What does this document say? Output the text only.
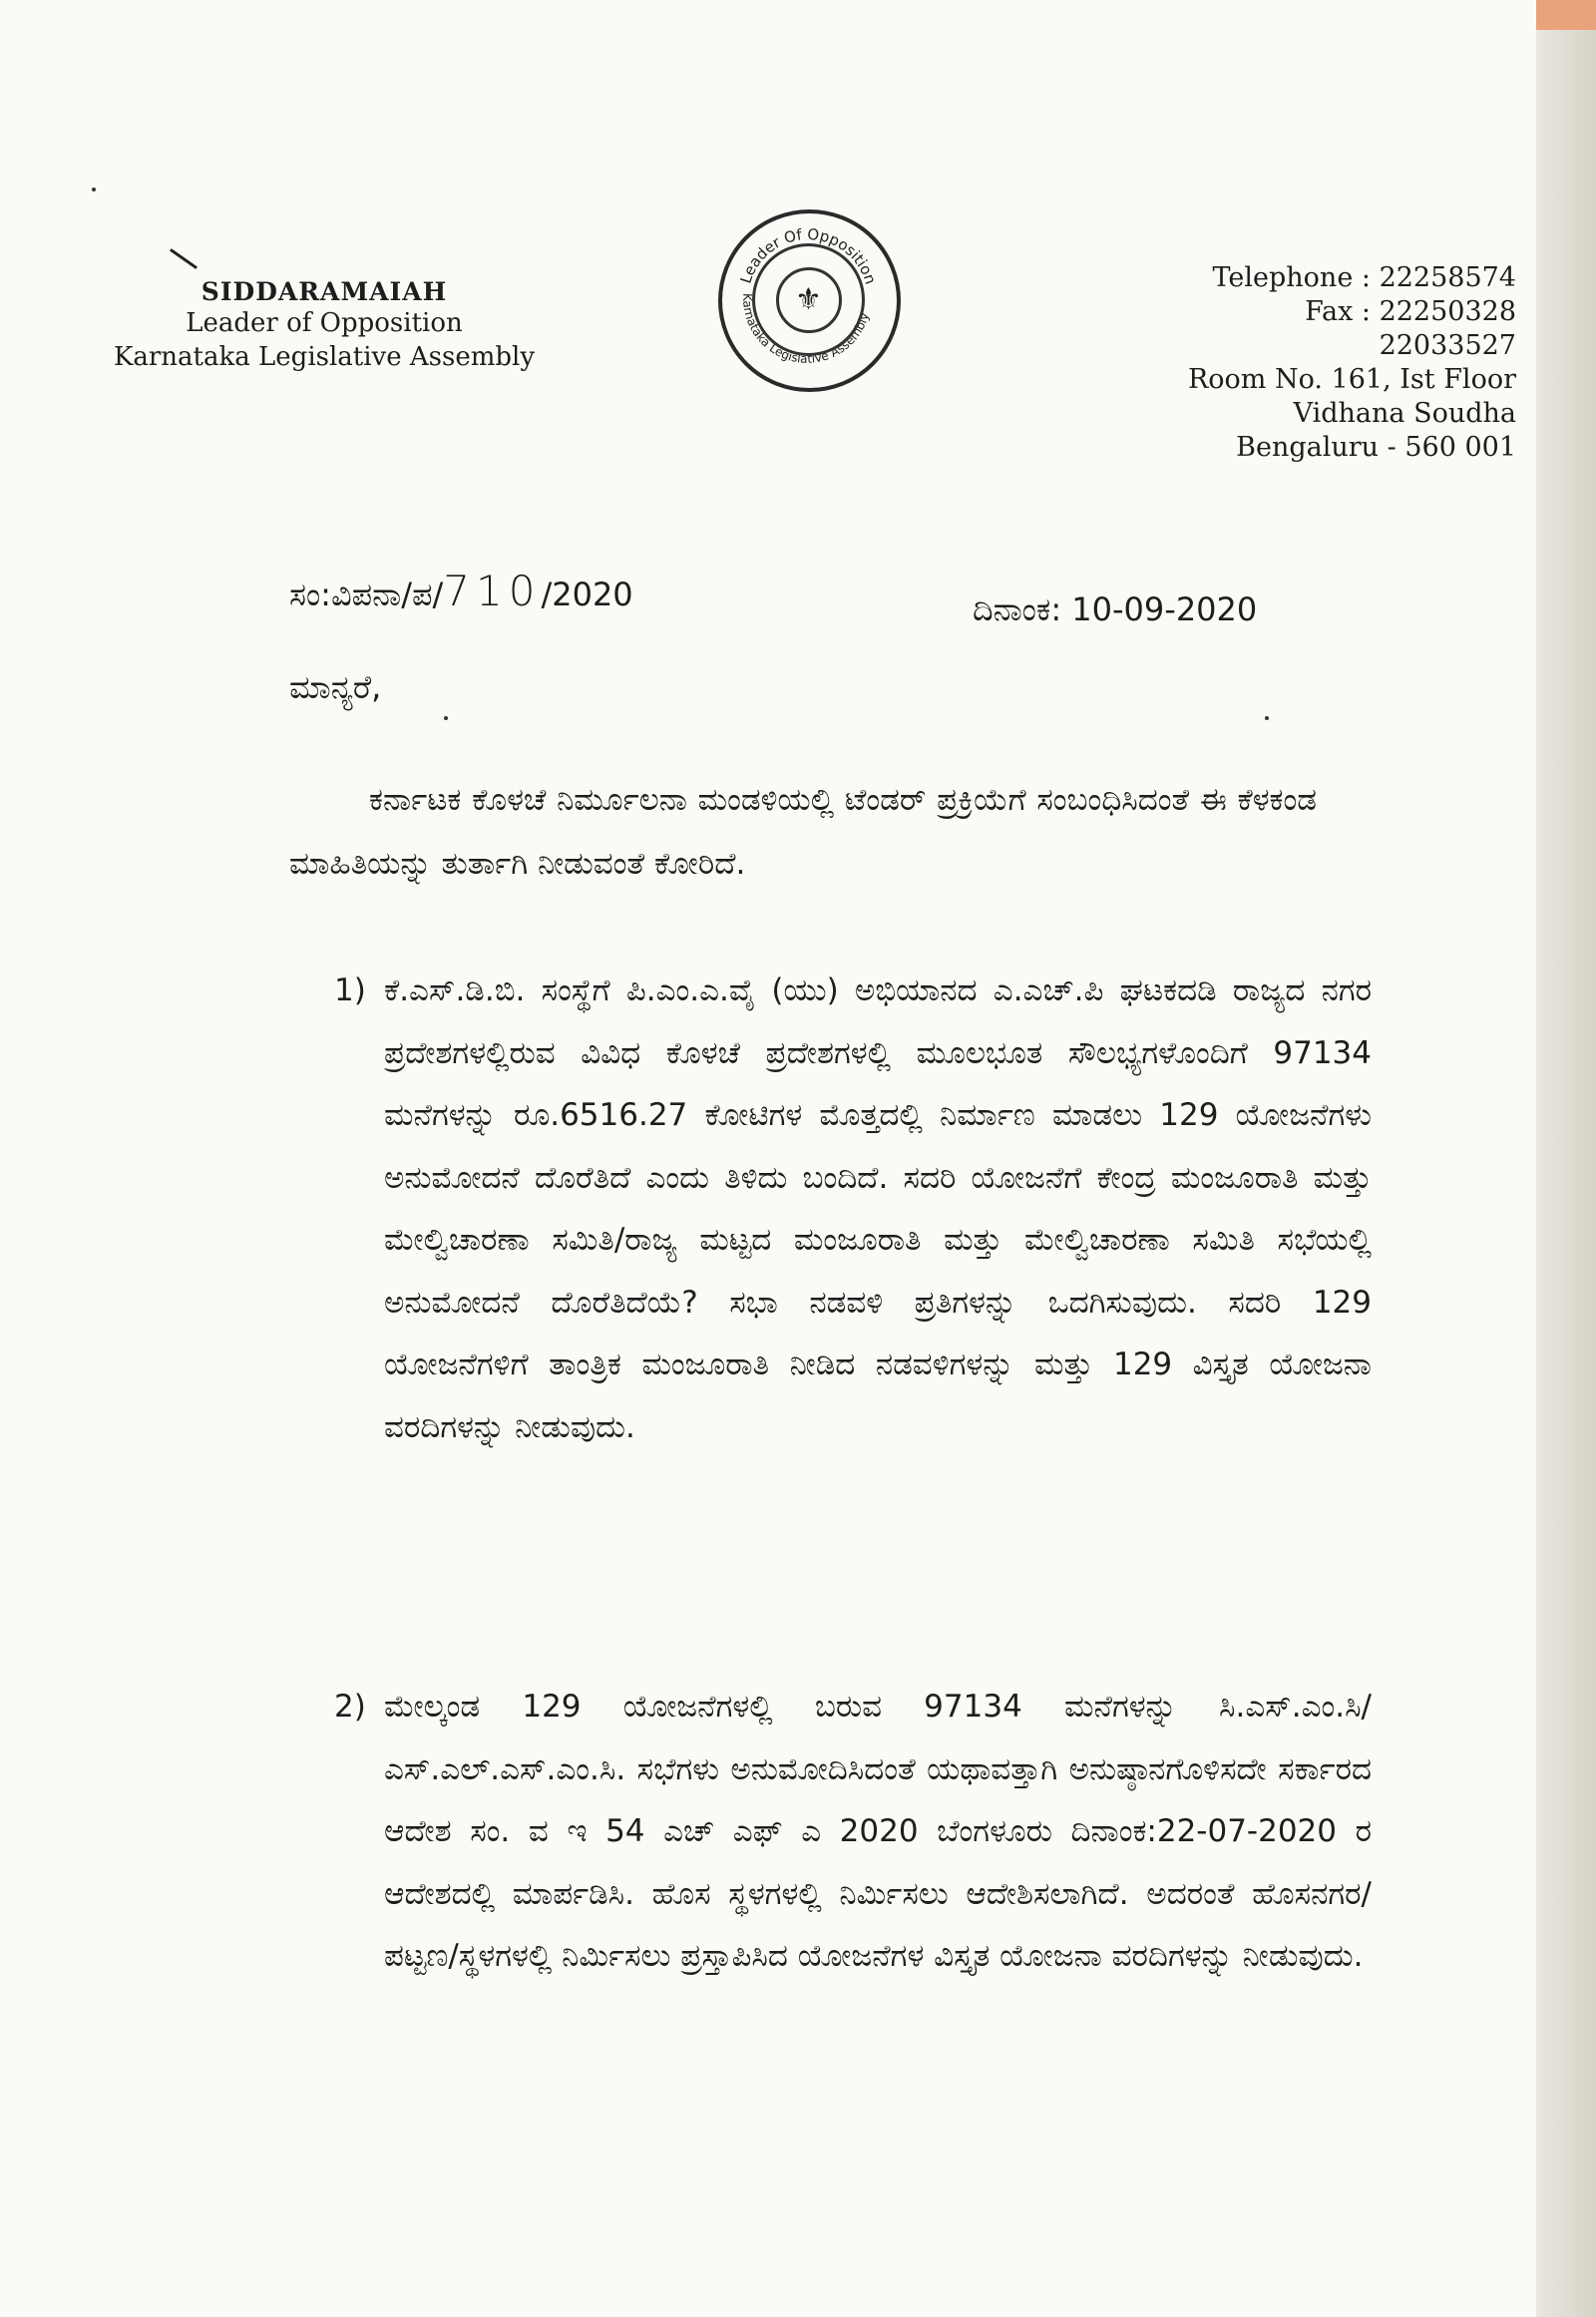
SIDDARAMAIAH
Leader of Opposition
Karnataka Legislative Assembly
Leader Of Opposition
Karnataka Legislative Assembly
⚜
Telephone : 22258574
Fax : 22250328
22033527
Room No. 161, Ist Floor
Vidhana Soudha
Bengaluru - 560 001
ಸಂ:ವಿಪನಾ/ಪ/710/2020	ದಿನಾಂಕ: 10-09-2020
ಮಾನ್ಯರೆ,
ಕರ್ನಾಟಕ ಕೊಳಚೆ ನಿರ್ಮೂಲನಾ ಮಂಡಳಿಯಲ್ಲಿ ಟೆಂಡರ್ ಪ್ರಕ್ರಿಯೆಗೆ ಸಂಬಂಧಿಸಿದಂತೆ ಈ ಕೆಳಕಂಡ ಮಾಹಿತಿಯನ್ನು ತುರ್ತಾಗಿ ನೀಡುವಂತೆ ಕೋರಿದೆ.
1) ಕೆ.ಎಸ್.ಡಿ.ಬಿ. ಸಂಸ್ಥೆಗೆ ಪಿ.ಎಂ.ಎ.ವೈ (ಯು) ಅಭಿಯಾನದ ಎ.ಎಚ್.ಪಿ ಘಟಕದಡಿ ರಾಜ್ಯದ ನಗರ ಪ್ರದೇಶಗಳಲ್ಲಿರುವ ವಿವಿಧ ಕೊಳಚೆ ಪ್ರದೇಶಗಳಲ್ಲಿ ಮೂಲಭೂತ ಸೌಲಭ್ಯಗಳೊಂದಿಗೆ 97134 ಮನೆಗಳನ್ನು ರೂ.6516.27 ಕೋಟಿಗಳ ಮೊತ್ತದಲ್ಲಿ ನಿರ್ಮಾಣ ಮಾಡಲು 129 ಯೋಜನೆಗಳು ಅನುಮೋದನೆ ದೊರೆತಿದೆ ಎಂದು ತಿಳಿದು ಬಂದಿದೆ. ಸದರಿ ಯೋಜನೆಗೆ ಕೇಂದ್ರ ಮಂಜೂರಾತಿ ಮತ್ತು ಮೇಲ್ವಿಚಾರಣಾ ಸಮಿತಿ/ರಾಜ್ಯ ಮಟ್ಟದ ಮಂಜೂರಾತಿ ಮತ್ತು ಮೇಲ್ವಿಚಾರಣಾ ಸಮಿತಿ ಸಭೆಯಲ್ಲಿ ಅನುಮೋದನೆ ದೊರೆತಿದೆಯೆ? ಸಭಾ ನಡವಳಿ ಪ್ರತಿಗಳನ್ನು ಒದಗಿಸುವುದು. ಸದರಿ 129 ಯೋಜನೆಗಳಿಗೆ ತಾಂತ್ರಿಕ ಮಂಜೂರಾತಿ ನೀಡಿದ ನಡವಳಿಗಳನ್ನು ಮತ್ತು 129 ವಿಸ್ತೃತ ಯೋಜನಾ ವರದಿಗಳನ್ನು ನೀಡುವುದು.
2) ಮೇಲ್ಕಂಡ 129 ಯೋಜನೆಗಳಲ್ಲಿ ಬರುವ 97134 ಮನೆಗಳನ್ನು ಸಿ.ಎಸ್.ಎಂ.ಸಿ/ಎಸ್.ಎಲ್.ಎಸ್.ಎಂ.ಸಿ. ಸಭೆಗಳು ಅನುಮೋದಿಸಿದಂತೆ ಯಥಾವತ್ತಾಗಿ ಅನುಷ್ಠಾನಗೊಳಿಸದೇ ಸರ್ಕಾರದ ಆದೇಶ ಸಂ. ವ ಇ 54 ಎಚ್ ಎಫ್ ಎ 2020 ಬೆಂಗಳೂರು ದಿನಾಂಕ:22-07-2020 ರ ಆದೇಶದಲ್ಲಿ ಮಾರ್ಪಡಿಸಿ. ಹೊಸ ಸ್ಥಳಗಳಲ್ಲಿ ನಿರ್ಮಿಸಲು ಆದೇಶಿಸಲಾಗಿದೆ. ಅದರಂತೆ ಹೊಸನಗರ/ಪಟ್ಟಣ/ಸ್ಥಳಗಳಲ್ಲಿ ನಿರ್ಮಿಸಲು ಪ್ರಸ್ತಾಪಿಸಿದ ಯೋಜನೆಗಳ ವಿಸ್ತೃತ ಯೋಜನಾ ವರದಿಗಳನ್ನು ನೀಡುವುದು.
